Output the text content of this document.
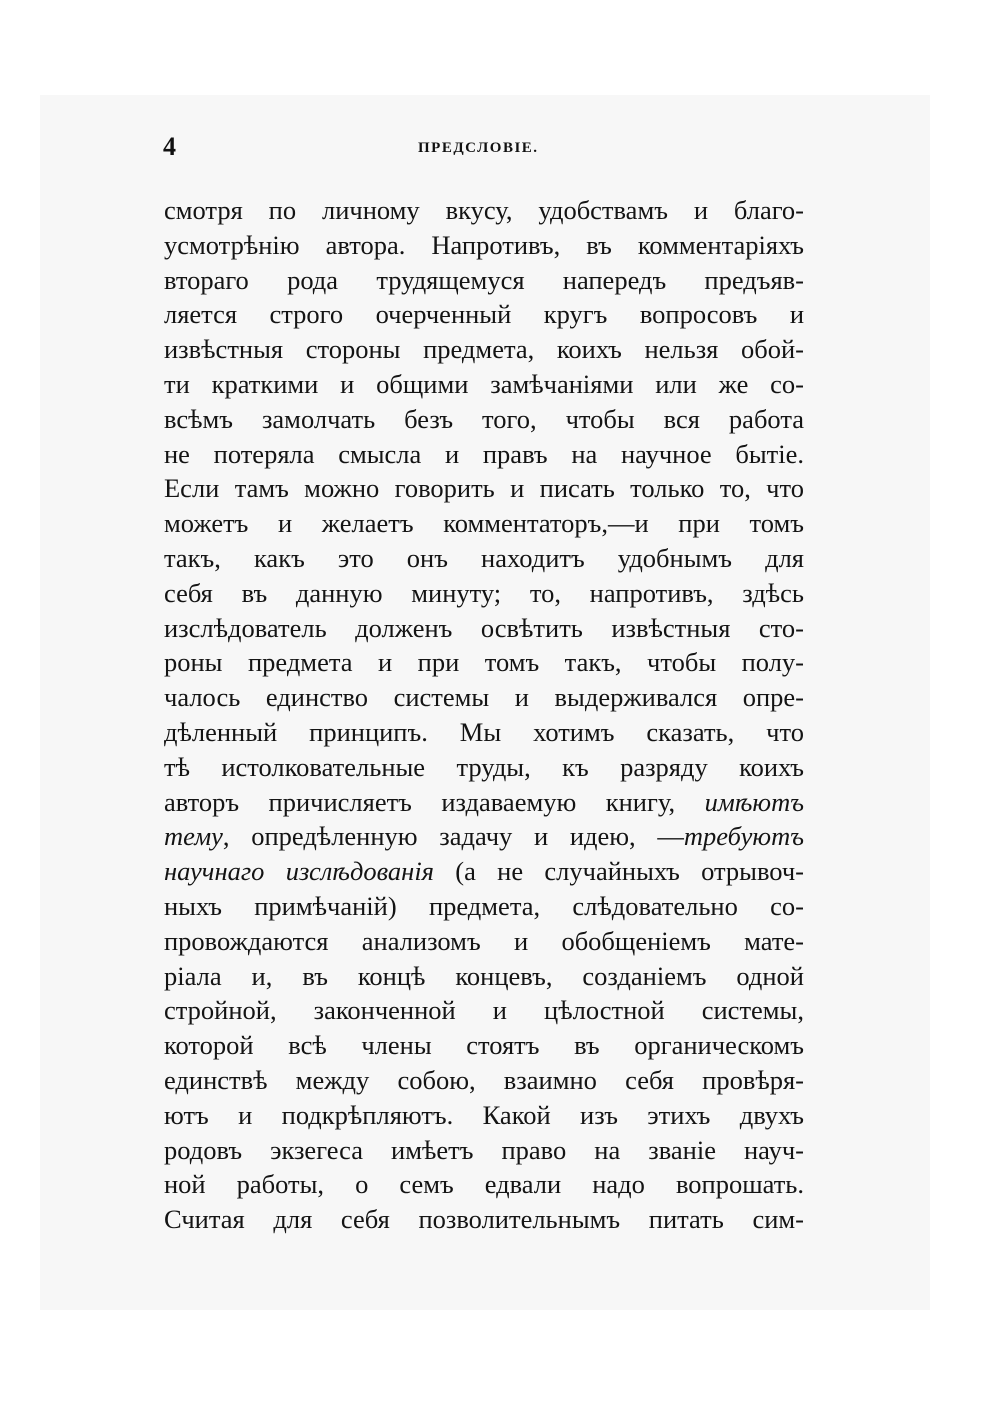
4	ПРЕДСЛОВІЕ.
смотря по личному вкусу, удобствамъ и благо-
усмотрѣнію автора. Напротивъ, въ комментаріяхъ
втораго рода трудящемуся напередъ предъяв-
ляется строго очерченный кругъ вопросовъ и
извѣстныя стороны предмета, коихъ нельзя обой-
ти краткими и общими замѣчаніями или же со-
всѣмъ замолчать безъ того, чтобы вся работа
не потеряла смысла и правъ на научное бытіе.
Если тамъ можно говорить и писать только то, что
можетъ и желаетъ комментаторъ,—и при томъ
такъ, какъ это онъ находитъ удобнымъ для
себя въ данную минуту; то, напротивъ, здѣсь
изслѣдователь долженъ освѣтить извѣстныя сто-
роны предмета и при томъ такъ, чтобы полу-
чалось единство системы и выдерживался опре-
дѣленный принципъ. Мы хотимъ сказать, что
тѣ истолковательные труды, къ разряду коихъ
авторъ причисляетъ издаваемую книгу, имѣютъ
тему, опредѣленную задачу и идею, —требуютъ
научнаго изслѣдованія (а не случайныхъ отрывоч-
ныхъ примѣчаній) предмета, слѣдовательно со-
провождаются анализомъ и обобщеніемъ мате-
ріала и, въ концѣ концевъ, созданіемъ одной
стройной, законченной и цѣлостной системы,
которой всѣ члены стоятъ въ органическомъ
единствѣ между собою, взаимно себя провѣря-
ютъ и подкрѣпляютъ. Какой изъ этихъ двухъ
родовъ экзегеса имѣетъ право на званіе науч-
ной работы, о семъ едвали надо вопрошать.
Считая для себя позволительнымъ питать сим-
